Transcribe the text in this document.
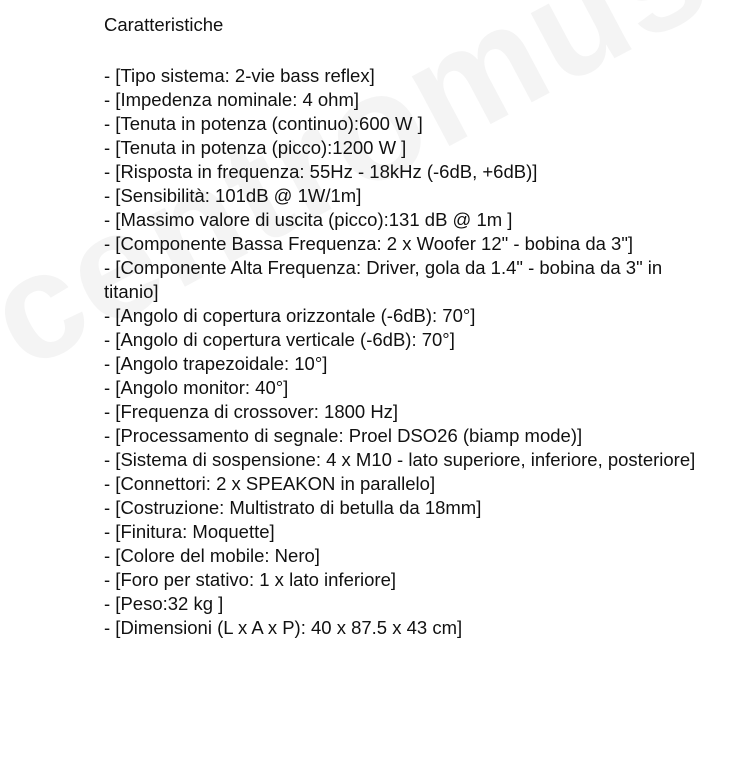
Caratteristiche
- [Tipo sistema: 2-vie bass reflex]
- [Impedenza nominale: 4 ohm]
- [Tenuta in potenza (continuo):600 W ]
- [Tenuta in potenza (picco):1200 W ]
- [Risposta in frequenza: 55Hz - 18kHz (-6dB, +6dB)]
- [Sensibilità: 101dB @ 1W/1m]
- [Massimo valore di uscita (picco):131 dB @ 1m ]
- [Componente Bassa Frequenza: 2 x Woofer 12" - bobina da 3"]
- [Componente Alta Frequenza: Driver, gola da 1.4" - bobina da 3" in titanio]
- [Angolo di copertura orizzontale (-6dB): 70°]
- [Angolo di copertura verticale (-6dB): 70°]
- [Angolo trapezoidale: 10°]
- [Angolo monitor: 40°]
- [Frequenza di crossover: 1800 Hz]
- [Processamento di segnale: Proel DSO26 (biamp mode)]
- [Sistema di sospensione: 4 x M10 - lato superiore, inferiore, posteriore]
- [Connettori: 2 x SPEAKON in parallelo]
- [Costruzione: Multistrato di betulla da 18mm]
- [Finitura: Moquette]
- [Colore del mobile: Nero]
- [Foro per stativo: 1 x lato inferiore]
- [Peso:32 kg ]
- [Dimensioni (L x A x P): 40 x 87.5 x 43 cm]
